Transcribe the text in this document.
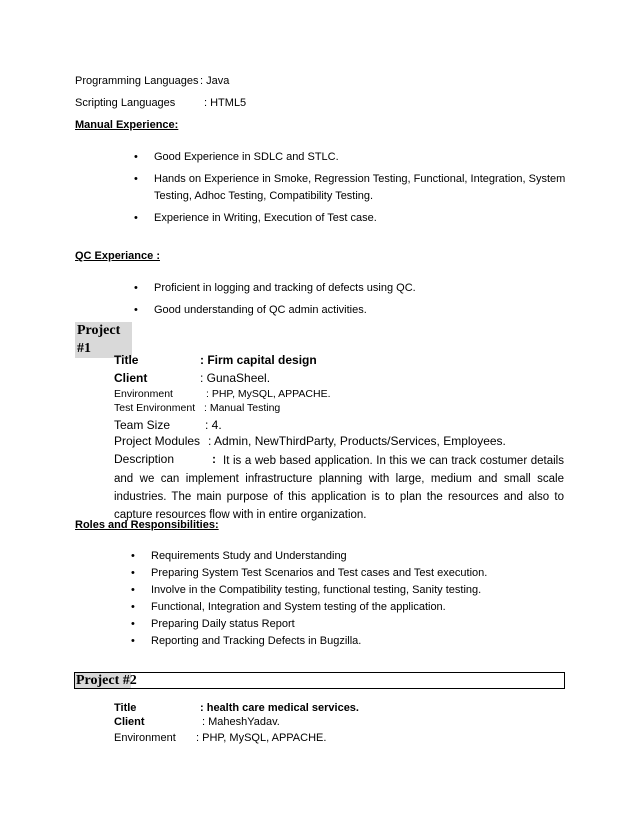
Programming Languages : Java
Scripting Languages	: HTML5
Manual Experience:
• Good Experience in SDLC and STLC.
• Hands on Experience in Smoke, Regression Testing, Functional, Integration, System
Testing, Adhoc Testing, Compatibility Testing.
• Experience in Writing, Execution of Test case.
QC Experiance :
• Proficient in logging and tracking of defects using QC.
• Good understanding of QC admin activities.
Project #1
Title	: Firm capital design
Client	: GunaSheel.
Environment	: PHP, MySQL, APPACHE.
Test Environment : Manual Testing
Team Size	: 4.
Project Modules : Admin, NewThirdParty, Products/Services, Employees.
Description	: It is a web based application. In this we can track costumer details and we can implement infrastructure planning with large, medium and small scale industries. The main purpose of this application is to plan the resources and also to capture resources flow with in entire organization.
Roles and Responsibilities:
• Requirements Study and Understanding
• Preparing System Test Scenarios and Test cases and Test execution.
• Involve in the Compatibility testing, functional testing, Sanity testing.
• Functional, Integration and System testing of the application.
• Preparing Daily status Report
• Reporting and Tracking Defects in Bugzilla.
Project #2
Title	: health care medical services.
Client	: MaheshYadav.
Environment : PHP, MySQL, APPACHE.
